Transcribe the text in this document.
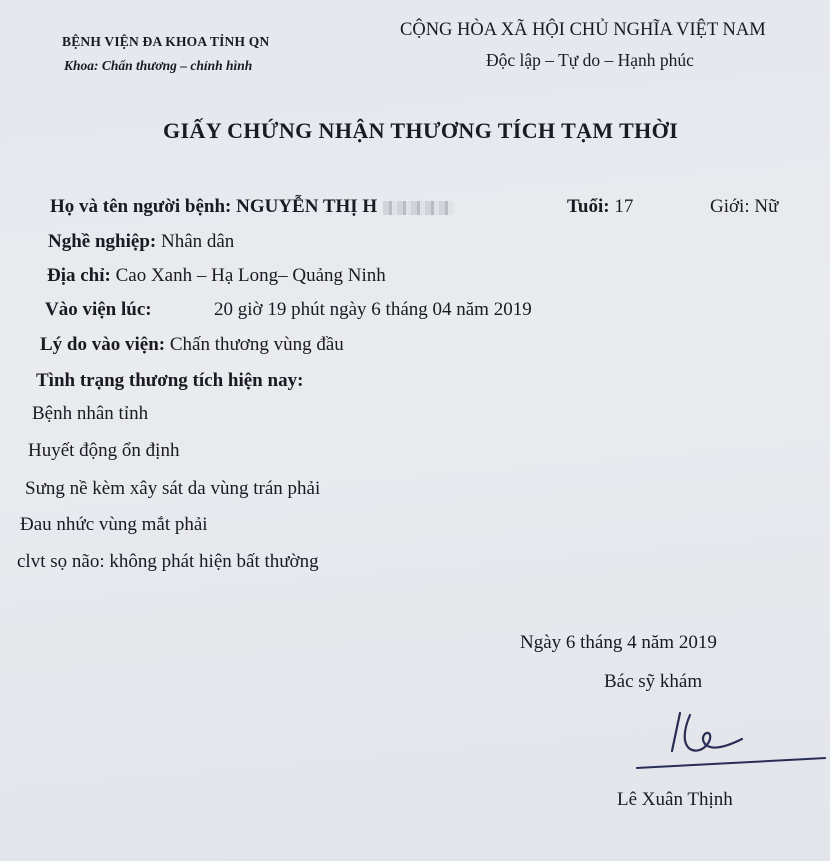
BỆNH VIỆN ĐA KHOA TỈNH QN
Khoa: Chấn thương – chỉnh hình
CỘNG HÒA XÃ HỘI CHỦ NGHĨA VIỆT NAM
Độc lập – Tự do – Hạnh phúc
GIẤY CHỨNG NHẬN THƯƠNG TÍCH TẠM THỜI
Họ và tên người bệnh: NGUYỄN THỊ H	Tuổi: 17	Giới: Nữ
Nghề nghiệp: Nhân dân
Địa chỉ: Cao Xanh – Hạ Long– Quảng Ninh
Vào viện lúc:	20 giờ 19 phút ngày 6 tháng 04 năm 2019
Lý do vào viện: Chấn thương vùng đầu
Tình trạng thương tích hiện nay:
Bệnh nhân tỉnh
Huyết động ổn định
Sưng nề kèm xây sát da vùng trán phải
Đau nhức vùng mắt phải
clvt sọ não: không phát hiện bất thường
Ngày 6 tháng 4 năm 2019
Bác sỹ khám
Lê Xuân Thịnh
